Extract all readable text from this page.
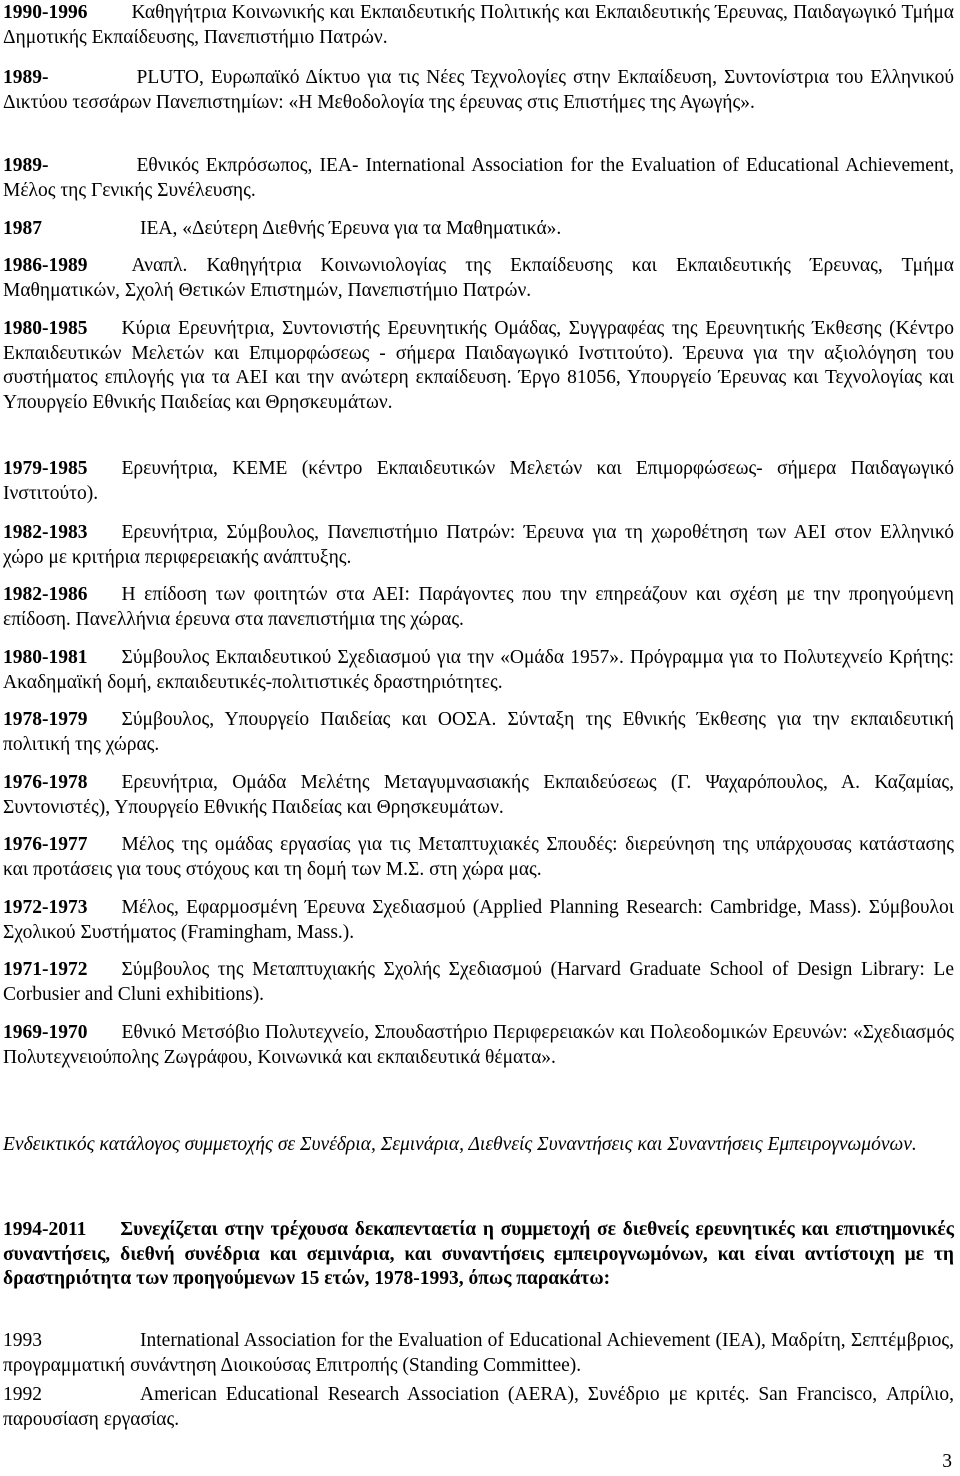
1990-1996 Καθηγήτρια Κοινωνικής και Εκπαιδευτικής Πολιτικής και Εκπαιδευτικής Έρευνας, Παιδαγωγικό Τμήμα Δημοτικής Εκπαίδευσης, Πανεπιστήμιο Πατρών.
1989-	PLUTO, Ευρωπαϊκό Δίκτυο για τις Νέες Τεχνολογίες στην Εκπαίδευση, Συντονίστρια του Ελληνικού Δικτύου τεσσάρων Πανεπιστημίων: «Η Μεθοδολογία της έρευνας στις Επιστήμες της Αγωγής».
1989-	Εθνικός Εκπρόσωπος, IEA- International Association for the Evaluation of Educational Achievement, Μέλος της Γενικής Συνέλευσης.
1987	IEA, «Δεύτερη Διεθνής Έρευνα για τα Μαθηματικά».
1986-1989 Αναπλ. Καθηγήτρια Κοινωνιολογίας της Εκπαίδευσης και Εκπαιδευτικής Έρευνας, Τμήμα Μαθηματικών, Σχολή Θετικών Επιστημών, Πανεπιστήμιο Πατρών.
1980-1985 Κύρια Ερευνήτρια, Συντονιστής Ερευνητικής Ομάδας, Συγγραφέας της Ερευνητικής Έκθεσης (Κέντρο Εκπαιδευτικών Μελετών και Επιμορφώσεως - σήμερα Παιδαγωγικό Ινστιτούτο). Έρευνα για την αξιολόγηση του συστήματος επιλογής για τα ΑΕΙ και την ανώτερη εκπαίδευση. Έργο 81056, Υπουργείο Έρευνας και Τεχνολογίας και Υπουργείο Εθνικής Παιδείας και Θρησκευμάτων.
1979-1985 Ερευνήτρια, ΚΕΜΕ (κέντρο Εκπαιδευτικών Μελετών και Επιμορφώσεως- σήμερα Παιδαγωγικό Ινστιτούτο).
1982-1983 Ερευνήτρια, Σύμβουλος, Πανεπιστήμιο Πατρών: Έρευνα για τη χωροθέτηση των ΑΕΙ στον Ελληνικό χώρο με κριτήρια περιφερειακής ανάπτυξης.
1982-1986 Η επίδοση των φοιτητών στα ΑΕΙ: Παράγοντες που την επηρεάζουν και σχέση με την προηγούμενη επίδοση. Πανελλήνια έρευνα στα πανεπιστήμια της χώρας.
1980-1981 Σύμβουλος Εκπαιδευτικού Σχεδιασμού για την «Ομάδα 1957». Πρόγραμμα για το Πολυτεχνείο Κρήτης: Ακαδημαϊκή δομή, εκπαιδευτικές-πολιτιστικές δραστηριότητες.
1978-1979 Σύμβουλος, Υπουργείο Παιδείας και ΟΟΣΑ. Σύνταξη της Εθνικής Έκθεσης για την εκπαιδευτική πολιτική της χώρας.
1976-1978 Ερευνήτρια, Ομάδα Μελέτης Μεταγυμνασιακής Εκπαιδεύσεως (Γ. Ψαχαρόπουλος, Α. Καζαμίας, Συντονιστές), Υπουργείο Εθνικής Παιδείας και Θρησκευμάτων.
1976-1977 Μέλος της ομάδας εργασίας για τις Μεταπτυχιακές Σπουδές: διερεύνηση της υπάρχουσας κατάστασης και προτάσεις για τους στόχους και τη δομή των Μ.Σ. στη χώρα μας.
1972-1973 Μέλος, Εφαρμοσμένη Έρευνα Σχεδιασμού (Applied Planning Research: Cambridge, Mass). Σύμβουλοι Σχολικού Συστήματος (Framingham, Mass.).
1971-1972 Σύμβουλος της Μεταπτυχιακής Σχολής Σχεδιασμού (Harvard Graduate School of Design Library: Le Corbusier and Cluni exhibitions).
1969-1970 Εθνικό Μετσόβιο Πολυτεχνείο, Σπουδαστήριο Περιφερειακών και Πολεοδομικών Ερευνών: «Σχεδιασμός Πολυτεχνειούπολης Ζωγράφου, Κοινωνικά και εκπαιδευτικά θέματα».
Ενδεικτικός κατάλογος συμμετοχής σε Συνέδρια, Σεμινάρια, Διεθνείς Συναντήσεις και Συναντήσεις Εμπειρογνωμόνων.
1994-2011 Συνεχίζεται στην τρέχουσα δεκαπενταετία η συμμετοχή σε διεθνείς ερευνητικές και επιστημονικές συναντήσεις, διεθνή συνέδρια και σεμινάρια, και συναντήσεις εμπειρογνωμόνων, και είναι αντίστοιχη με τη δραστηριότητα των προηγούμενων 15 ετών, 1978-1993, όπως παρακάτω:
1993	International Association for the Evaluation of Educational Achievement (IEA), Μαδρίτη, Σεπτέμβριος, προγραμματική συνάντηση Διοικούσας Επιτροπής (Standing Committee).
1992	American Educational Research Association (AERA), Συνέδριο με κριτές. San Francisco, Απρίλιο, παρουσίαση εργασίας.
3
